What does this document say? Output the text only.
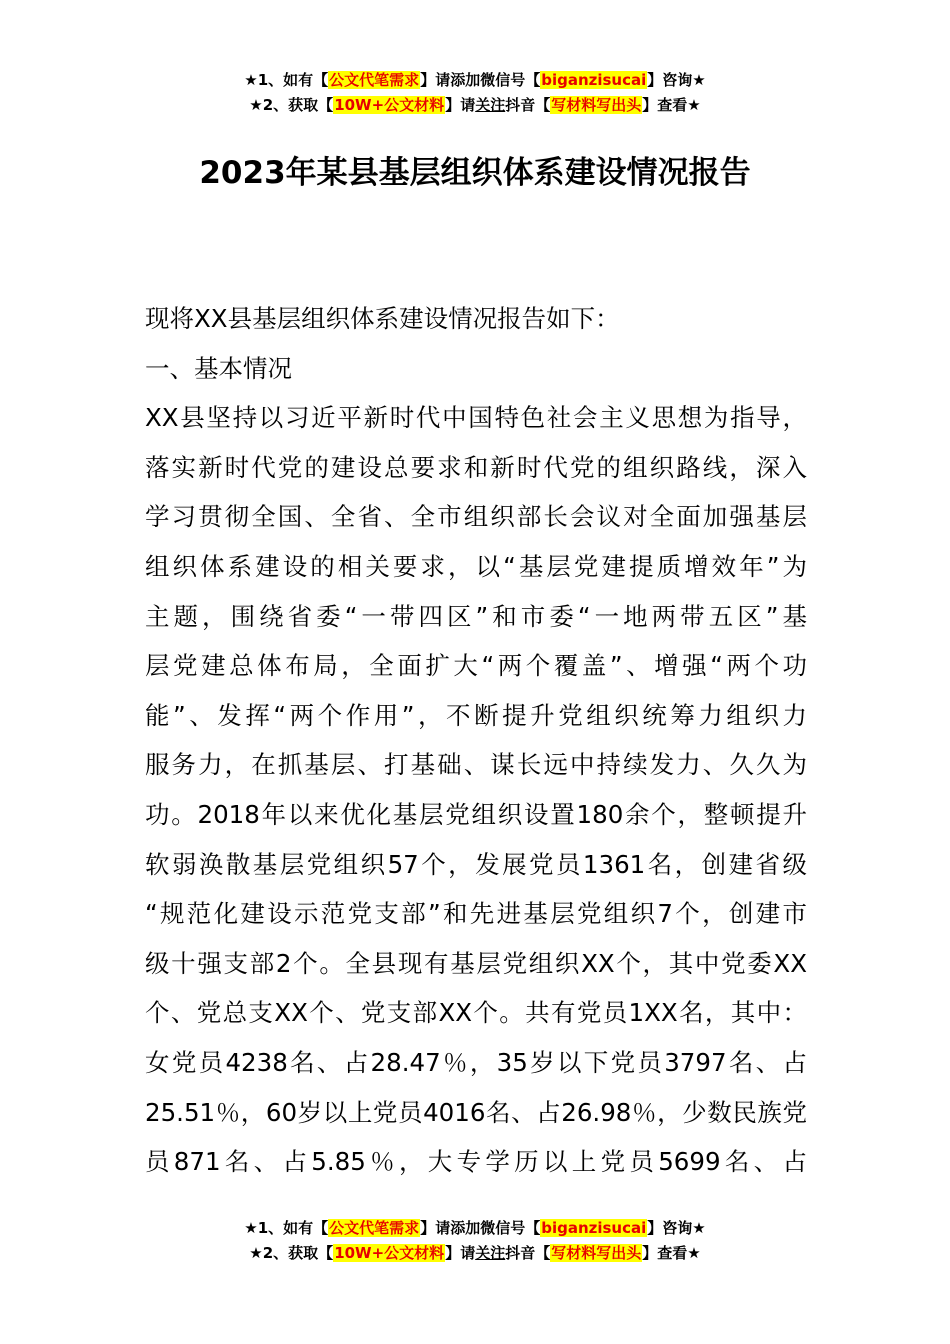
★1、如有【公文代笔需求】请添加微信号【biganzisucai】咨询★
★2、获取【10W+公文材料】请关注抖音【写材料写出头】查看★
2023年某县基层组织体系建设情况报告

现将XX县基层组织体系建设情况报告如下：

一、基本情况

XX县坚持以习近平新时代中国特色社会主义思想为指导，
落实新时代党的建设总要求和新时代党的组织路线，深入
学习贯彻全国、全省、全市组织部长会议对全面加强基层
组织体系建设的相关要求，以“基层党建提质增效年”为
主题，围绕省委“一带四区”和市委“一地两带五区”基
层党建总体布局，全面扩大“两个覆盖”、增强“两个功
能”、发挥“两个作用”，不断提升党组织统筹力组织力
服务力，在抓基层、打基础、谋长远中持续发力、久久为
功。2018年以来优化基层党组织设置180余个，整顿提升
软弱涣散基层党组织57个，发展党员1361名，创建省级
“规范化建设示范党支部”和先进基层党组织7个，创建市
级十强支部2个。全县现有基层党组织XX个，其中党委XX
个、党总支XX个、党支部XX个。共有党员1XX名，其中：
女党员4238名、占28.47％，35岁以下党员3797名、占
25.51％，60岁以上党员4016名、占26.98％，少数民族党
员871名、占5.85％，大专学历以上党员5699名、占
★1、如有【公文代笔需求】请添加微信号【biganzisucai】咨询★
★2、获取【10W+公文材料】请关注抖音【写材料写出头】查看★
